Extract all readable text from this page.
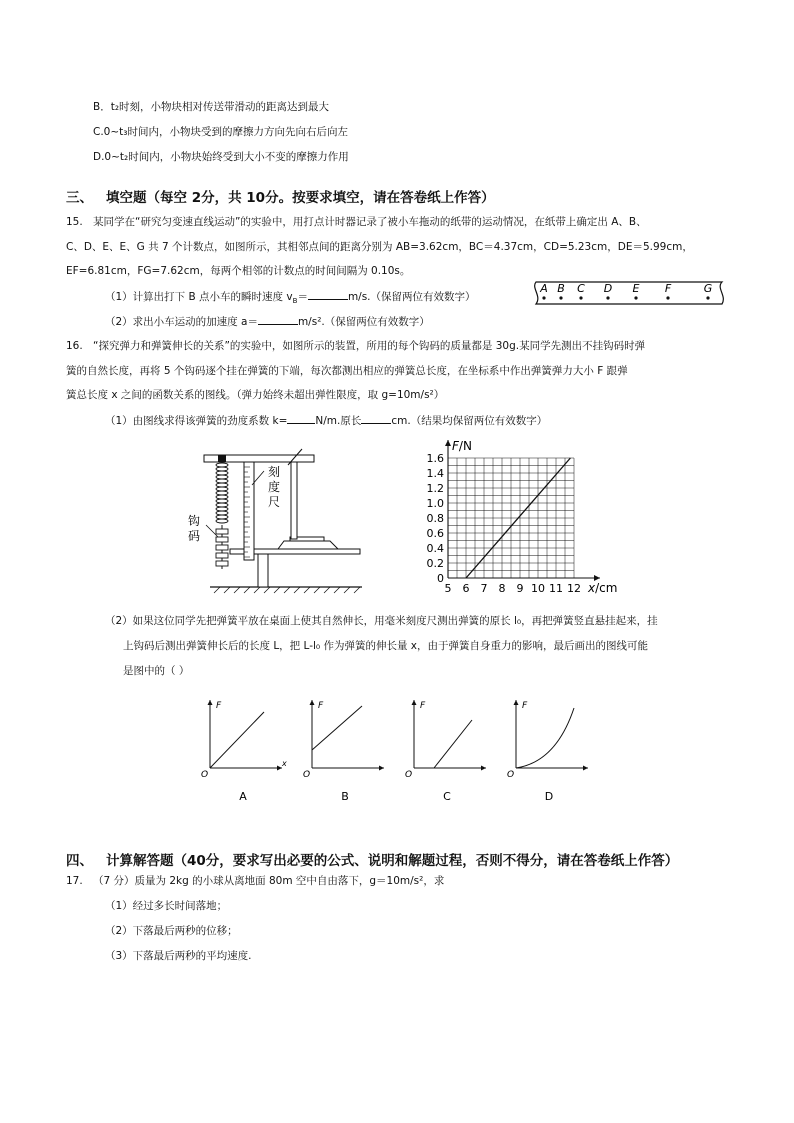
B．t₂时刻，小物块相对传送带滑动的距离达到最大
C.0~t₃时间内，小物块受到的摩擦力方向先向右后向左
D.0~t₂时间内，小物块始终受到大小不变的摩擦力作用
三、 填空题（每空 2分，共 10分。按要求填空，请在答卷纸上作答）
15. 某同学在“研究匀变速直线运动”的实验中，用打点计时器记录了被小车拖动的纸带的运动情况，在纸带上确定出 A、B、
C、D、E、E、G 共 7 个计数点，如图所示，其相邻点间的距离分别为 AB=3.62cm，BC＝4.37cm，CD=5.23cm，DE＝5.99cm，
EF=6.81cm，FG=7.62cm，每两个相邻的计数点的时间间隔为 0.10s。
（1）计算出打下 B 点小车的瞬时速度 $v_B=$	m/s.（保留两位有效数字）
（2）求出小车运动的加速度 a＝	m/s².（保留两位有效数字）
A B C D E F	G
16. “探究弹力和弹簧伸长的关系”的实验中，如图所示的装置，所用的每个钩码的质量都是 30g.某同学先测出不挂钩码时弹
簧的自然长度，再将 5 个钩码逐个挂在弹簧的下端，每次都测出相应的弹簧总长度，在坐标系中作出弹簧弹力大小 F 跟弹
簧总长度 x 之间的函数关系的图线。（弹力始终未超出弹性限度，取 g=10m/s²）
（1）由图线求得该弹簧的劲度系数 k=	N/m.原长	cm.（结果均保留两位有效数字）
刻
度
尺
钩
码
5 6 7 8 9 10 11 12
0
0.2
0.4
0.6
0.8
1.0
1.2
1.4
1.6
F/N
x/cm
（2）如果这位同学先把弹簧平放在桌面上使其自然伸长，用毫米刻度尺测出弹簧的原长 l₀，再把弹簧竖直悬挂起来，挂
上钩码后测出弹簧伸长后的长度 L，把 L-l₀ 作为弹簧的伸长量 x，由于弹簧自身重力的影响，最后画出的图线可能
是图中的（ ）
F
O
x
A
F
O
B
F
O
C
F
O
D
四、 计算解答题（40分，要求写出必要的公式、说明和解题过程，否则不得分，请在答卷纸上作答）
17. （7 分）质量为 2kg 的小球从离地面 80m 空中自由落下，g＝10m/s²，求
（1）经过多长时间落地；
（2）下落最后两秒的位移；
（3）下落最后两秒的平均速度.
